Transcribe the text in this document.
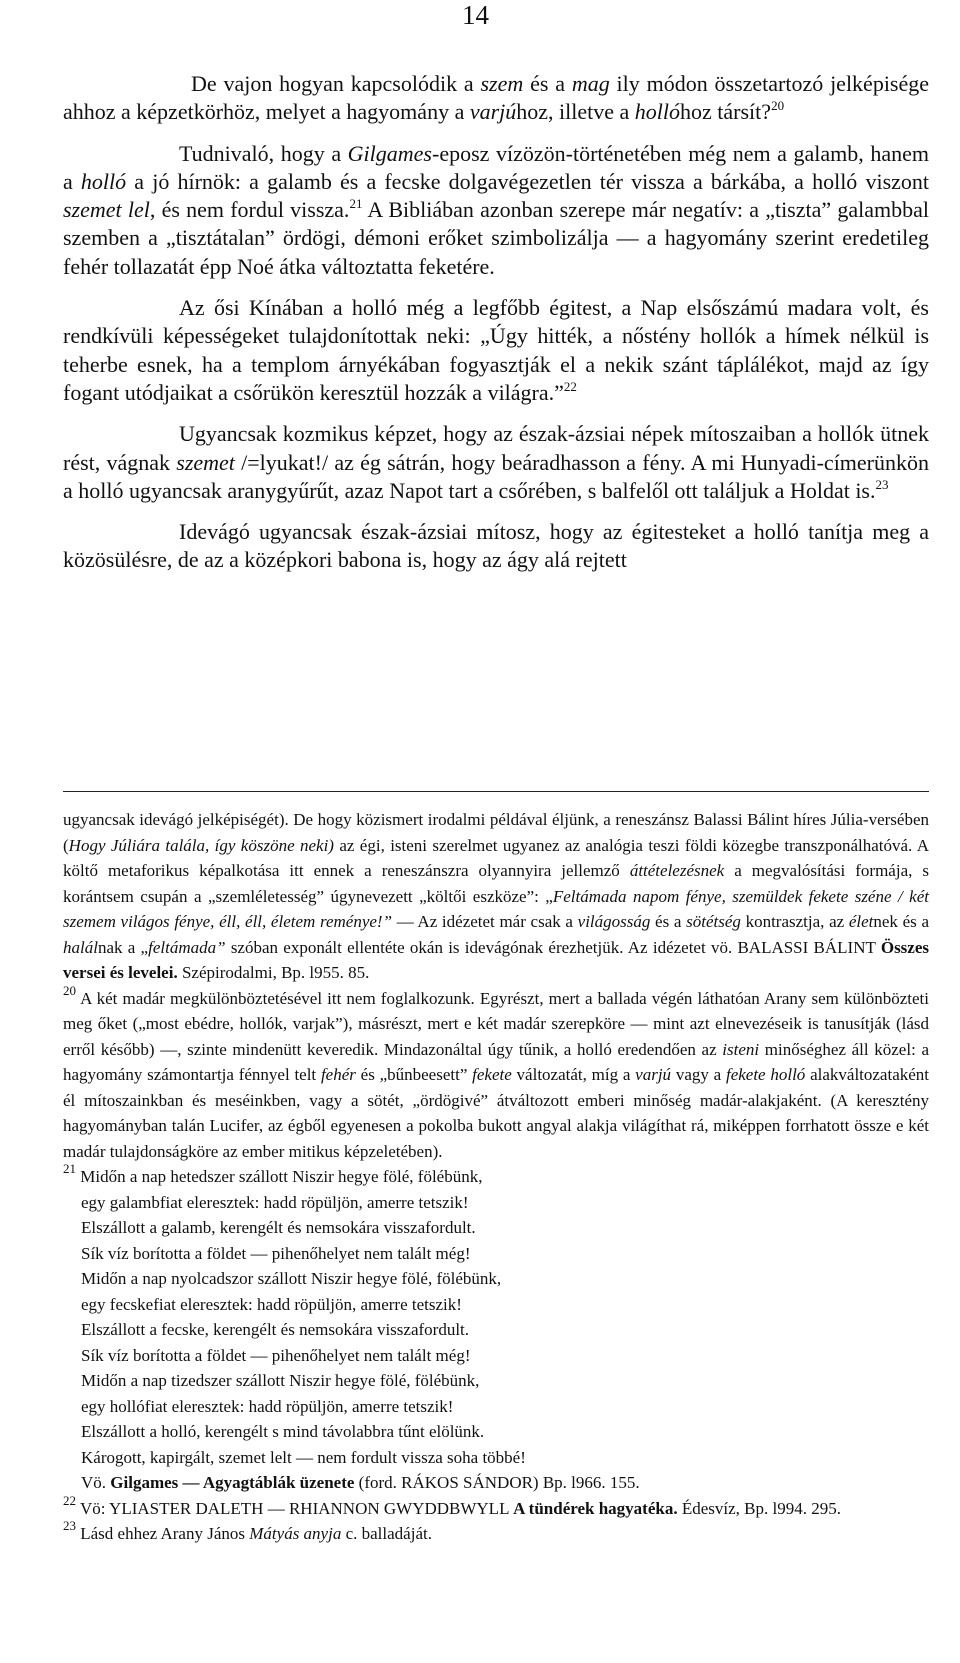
14

De vajon hogyan kapcsolódik a szem és a mag ily módon összetartozó jelképisége ahhoz a képzetkörhöz, melyet a hagyomány a varjúhoz, illetve a hollóhoz társít?$^{20}$

Tudnivaló, hogy a Gilgames-eposz vízözön-történetében még nem a galamb, hanem a holló a jó hírnök: a galamb és a fecske dolgavégezetlen tér vissza a bárkába, a holló viszont szemet lel, és nem fordul vissza.$^{21}$ A Bibliában azonban szerepe már negatív: a „tiszta” galambbal szemben a „tisztátalan” ördögi, démoni erőket szimbolizálja — a hagyomány szerint eredetileg fehér tollazatát épp Noé átka változtatta feketére.

Az ősi Kínában a holló még a legfőbb égitest, a Nap elsőszámú madara volt, és rendkívüli képességeket tulajdonítottak neki: „Úgy hitték, a nőstény hollók a hímek nélkül is teherbe esnek, ha a templom árnyékában fogyasztják el a nekik szánt táplálékot, majd az így fogant utódjaikat a csőrükön keresztül hozzák a világra.”$^{22}$

Ugyancsak kozmikus képzet, hogy az észak-ázsiai népek mítoszaiban a hollók ütnek rést, vágnak szemet /=lyukat!/ az ég sátrán, hogy beáradhasson a fény. A mi Hunyadi-címerünkön a holló ugyancsak aranygyűrűt, azaz Napot tart a csőrében, s balfelől ott találjuk a Holdat is.$^{23}$

Idevágó ugyancsak észak-ázsiai mítosz, hogy az égitesteket a holló tanítja meg a közösülésre, de az a középkori babona is, hogy az ágy alá rejtett

ugyancsak idevágó jelképiségét). De hogy közismert irodalmi példával éljünk, a reneszánsz Balassi Bálint híres Júlia-versében (Hogy Júliára talála, így köszöne neki) az égi, isteni szerelmet ugyanez az analógia teszi földi közegbe transzponálhatóvá. A költő metaforikus képalkotása itt ennek a reneszánszra olyannyira jellemző áttételezésnek a megvalósítási formája, s korántsem csupán a „szemléletesség” úgynevezett „költői eszköze”: „Feltámada napom fénye, szemüldek fekete széne / két szemem világos fénye, éll, éll, életem reménye!” — Az idézetet már csak a világosság és a sötétség kontrasztja, az életnek és a halálnak a „feltámada” szóban exponált ellentéte okán is idevágónak érezhetjük. Az idézetet vö. BALASSI BÁLINT Összes versei és levelei. Szépirodalmi, Bp. l955. 85.

$^{20}$ A két madár megkülönböztetésével itt nem foglalkozunk. Egyrészt, mert a ballada végén láthatóan Arany sem különbözteti meg őket („most ebédre, hollók, varjak”), másrészt, mert e két madár szerepköre — mint azt elnevezéseik is tanusítják (lásd erről később) —, szinte mindenütt keveredik. Mindazonáltal úgy tűnik, a holló eredendően az isteni minőséghez áll közel: a hagyomány számontartja fénnyel telt fehér és „bűnbeesett” fekete változatát, míg a varjú vagy a fekete holló alakváltozataként él mítoszainkban és meséinkben, vagy a sötét, „ördögivé” átváltozott emberi minőség madár-alakjaként. (A keresztény hagyományban talán Lucifer, az égből egyenesen a pokolba bukott angyal alakja világíthat rá, miképpen forrhatott össze e két madár tulajdonságköre az ember mitikus képzeletében).

$^{21}$ Midőn a nap hetedszer szállott Niszir hegye fölé, fölébünk,
egy galambfiat eleresztek: hadd röpüljön, amerre tetszik!
Elszállott a galamb, kerengélt és nemsokára visszafordult.
Sík víz borította a földet — pihenőhelyet nem talált még!
Midőn a nap nyolcadszor szállott Niszir hegye fölé, fölébünk,
egy fecskefiat eleresztek: hadd röpüljön, amerre tetszik!
Elszállott a fecske, kerengélt és nemsokára visszafordult.
Sík víz borította a földet — pihenőhelyet nem talált még!
Midőn a nap tizedszer szállott Niszir hegye fölé, fölébünk,
egy hollófiat eleresztek: hadd röpüljön, amerre tetszik!
Elszállott a holló, kerengélt s mind távolabbra tűnt elölünk.
Károgott, kapirgált, szemet lelt — nem fordult vissza soha többé!
Vö. Gilgames — Agyagtáblák üzenete (ford. RÁKOS SÁNDOR) Bp. l966. 155.

$^{22}$ Vö: YLIASTER DALETH — RHIANNON GWYDDBWYLL A tündérek hagyatéka. Édesvíz, Bp. l994. 295.

$^{23}$ Lásd ehhez Arany János Mátyás anyja c. balladáját.
